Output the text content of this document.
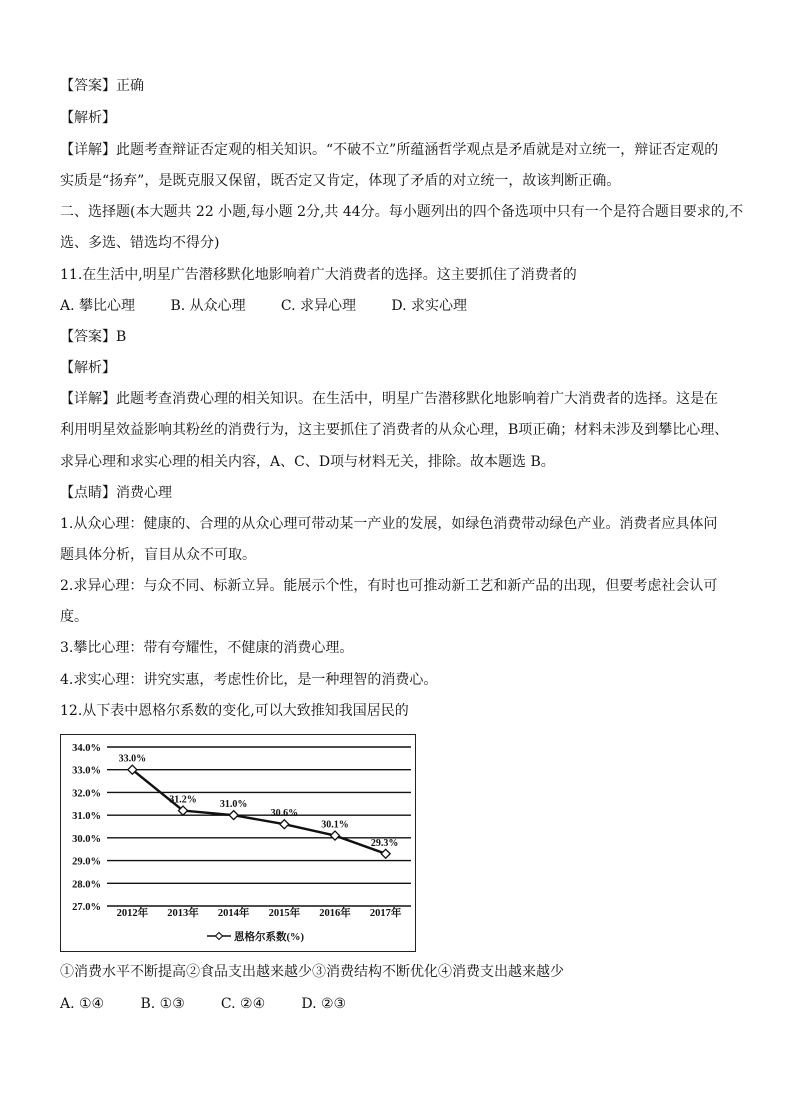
【答案】正确
【解析】
【详解】此题考查辩证否定观的相关知识。“不破不立”所蕴涵哲学观点是矛盾就是对立统一，辩证否定观的
实质是“扬弃”，是既克服又保留，既否定又肯定，体现了矛盾的对立统一，故该判断正确。
二、选择题(本大题共 22 小题,每小题 2分,共 44分。每小题列出的四个备选项中只有一个是符合题目要求的,不
选、多选、错选均不得分)
11.在生活中,明星广告潜移默化地影响着广大消费者的选择。这主要抓住了消费者的
A. 攀比心理	B. 从众心理	C. 求异心理	D. 求实心理
【答案】B
【解析】
【详解】此题考查消费心理的相关知识。在生活中，明星广告潜移默化地影响着广大消费者的选择。这是在
利用明星效益影响其粉丝的消费行为，这主要抓住了消费者的从众心理，B项正确；材料未涉及到攀比心理、
求异心理和求实心理的相关内容，A、C、D项与材料无关，排除。故本题选 B。
【点睛】消费心理
1.从众心理：健康的、合理的从众心理可带动某一产业的发展，如绿色消费带动绿色产业。消费者应具体问
题具体分析，盲目从众不可取。
2.求异心理：与众不同、标新立异。能展示个性，有时也可推动新工艺和新产品的出现，但要考虑社会认可
度。
3.攀比心理：带有夸耀性，不健康的消费心理。
4.求实心理：讲究实惠，考虑性价比，是一种理智的消费心。
12.从下表中恩格尔系数的变化,可以大致推知我国居民的
34.0%
33.0%
32.0%
31.0%
30.0%
29.0%
28.0%
27.0%
2012年 2013年 2014年 2015年 2016年 2017年
33.0%
31.2% 31.0%
30.6%
30.1%
29.3%
恩格尔系数(%)
①消费水平不断提高②食品支出越来越少③消费结构不断优化④消费支出越来越少
A. ①④	B. ①③	C. ②④	D. ②③
